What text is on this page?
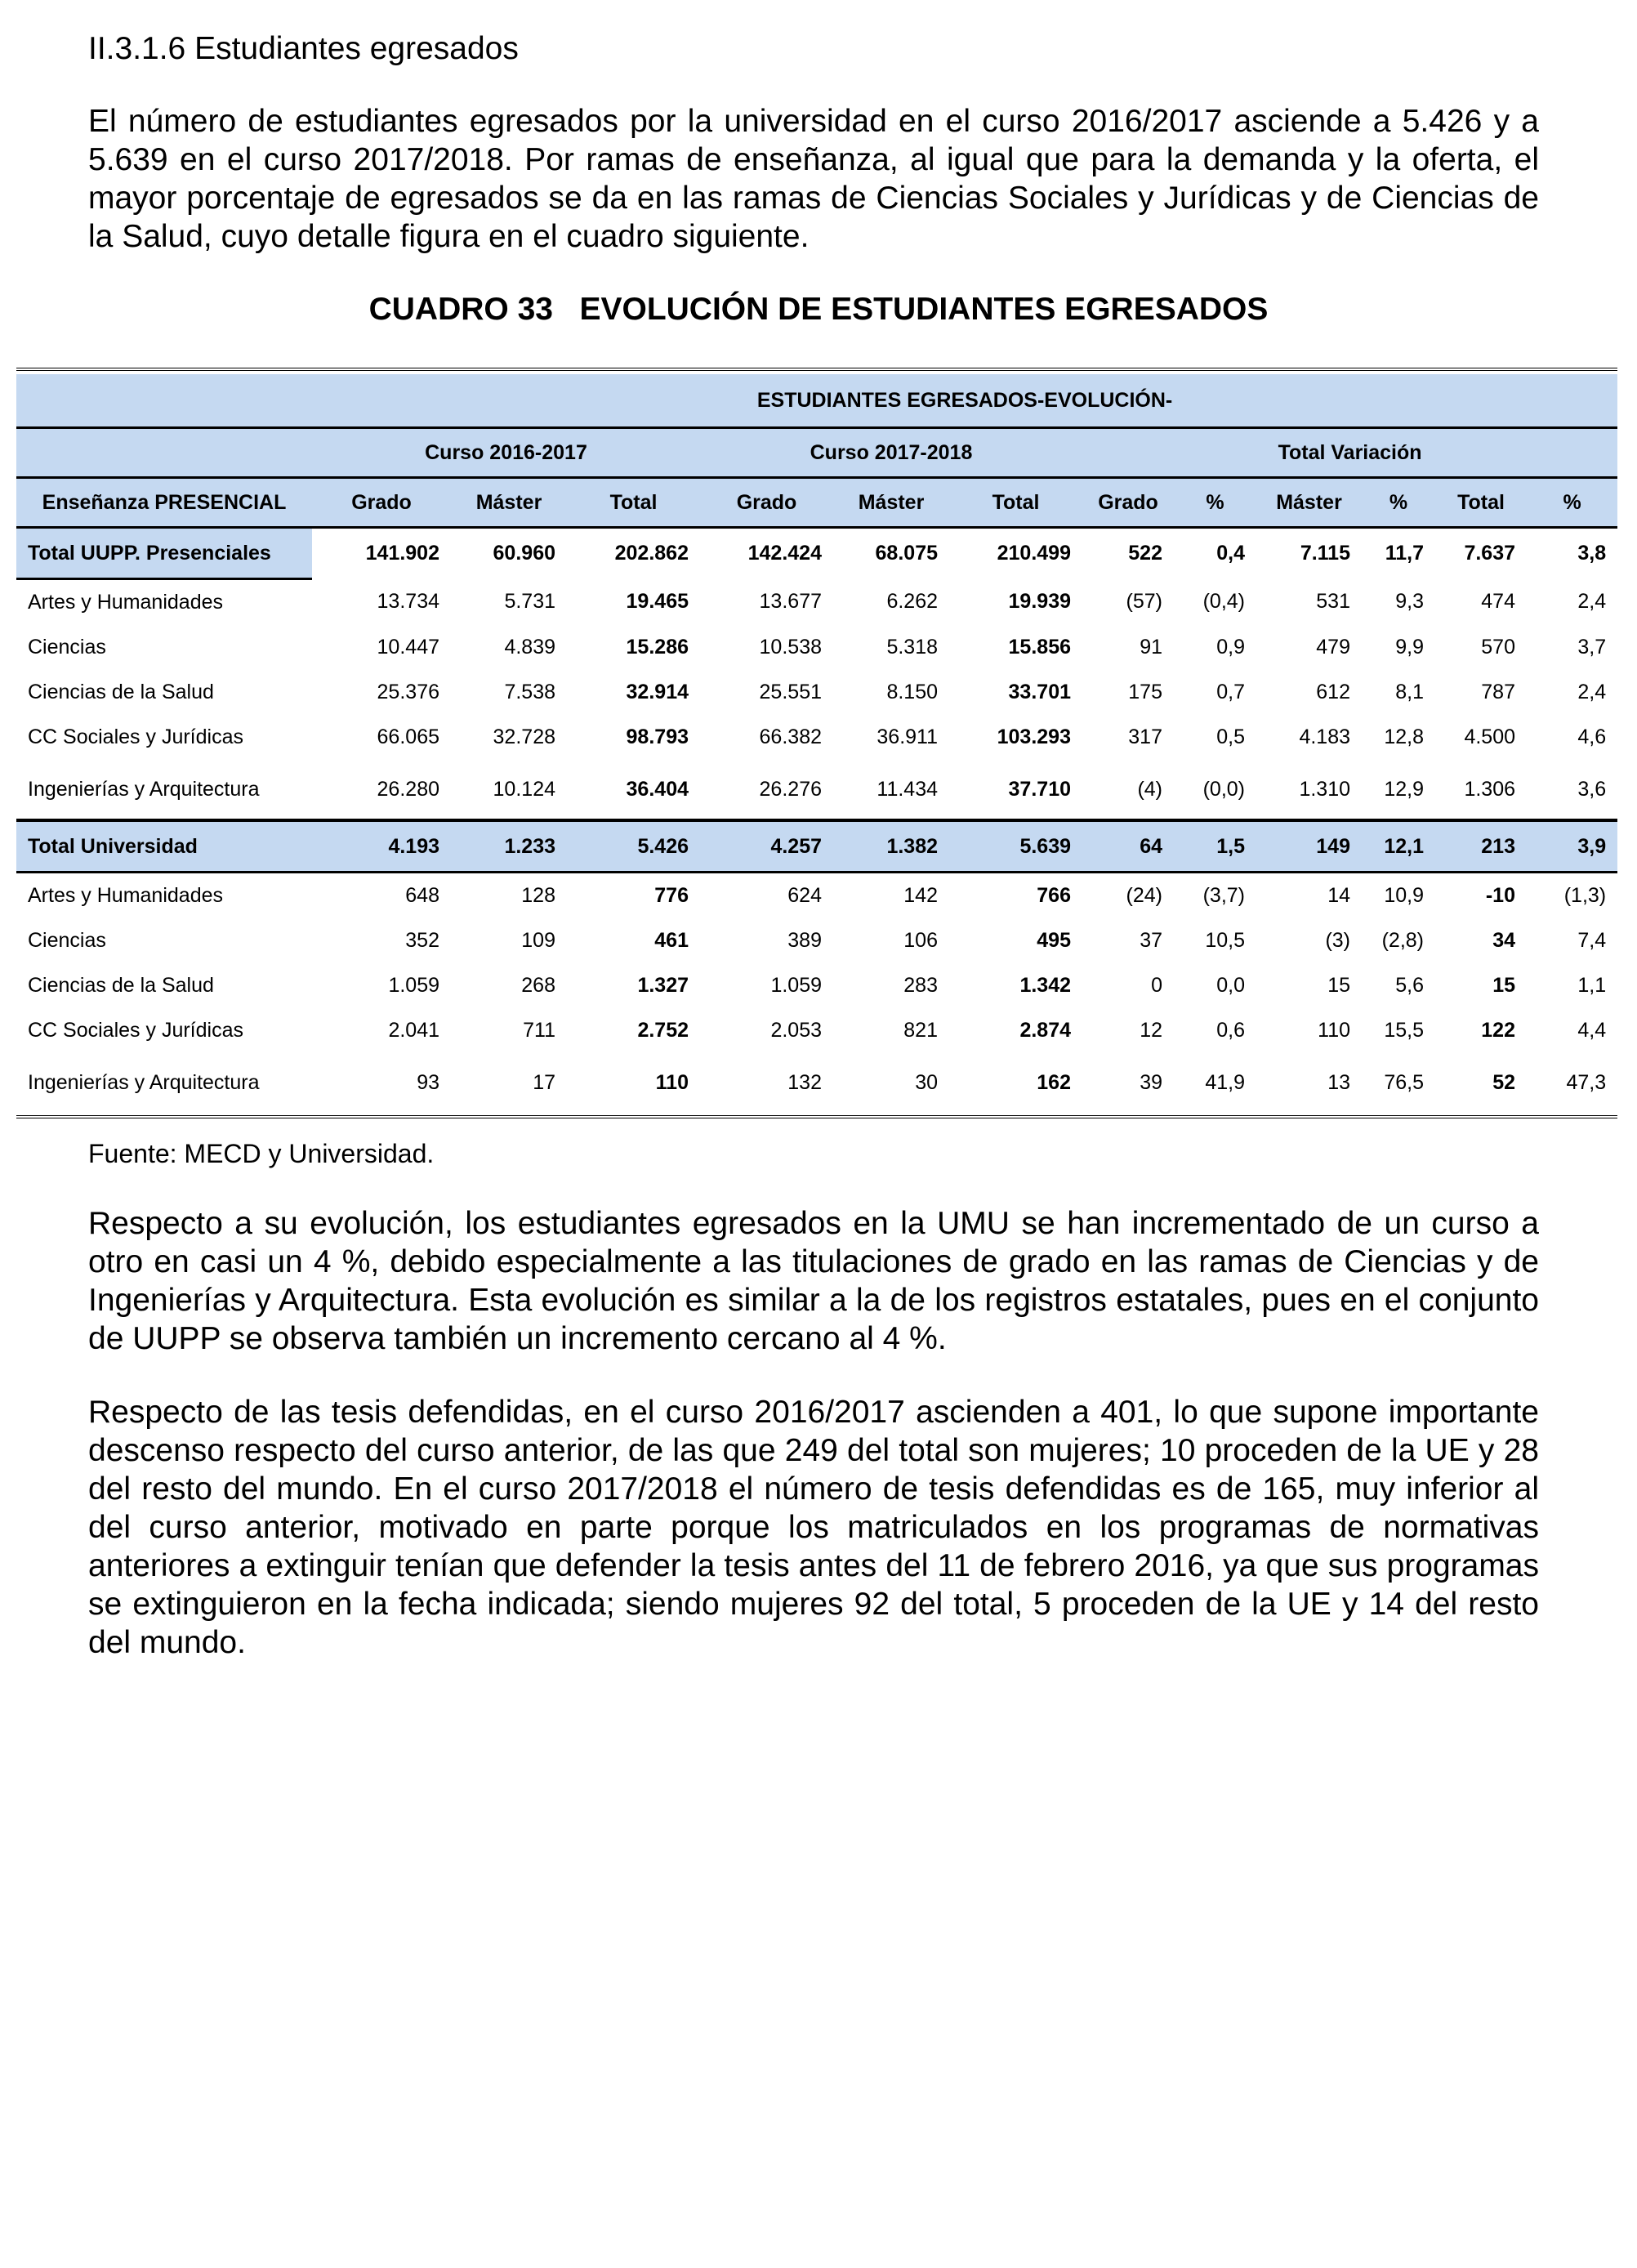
II.3.1.6 Estudiantes egresados
El número de estudiantes egresados por la universidad en el curso 2016/2017 asciende a 5.426 y a 5.639 en el curso 2017/2018. Por ramas de enseñanza, al igual que para la demanda y la oferta, el mayor porcentaje de egresados se da en las ramas de Ciencias Sociales y Jurídicas y de Ciencias de la Salud, cuyo detalle figura en el cuadro siguiente.
CUADRO 33   EVOLUCIÓN DE ESTUDIANTES EGRESADOS
	ESTUDIANTES EGRESADOS-EVOLUCIÓN-											
	Curso 2016-2017			Curso 2017-2018			Total Variación					
Enseñanza PRESENCIAL	Grado	Máster	Total	Grado	Máster	Total	Grado	%	Máster	%	Total	%
Total UUPP. Presenciales	141.902	60.960	202.862	142.424	68.075	210.499	522	0,4	7.115	11,7	7.637	3,8
Artes y Humanidades	13.734	5.731	19.465	13.677	6.262	19.939	(57)	(0,4)	531	9,3	474	2,4
Ciencias	10.447	4.839	15.286	10.538	5.318	15.856	91	0,9	479	9,9	570	3,7
Ciencias de la Salud	25.376	7.538	32.914	25.551	8.150	33.701	175	0,7	612	8,1	787	2,4
CC Sociales y Jurídicas	66.065	32.728	98.793	66.382	36.911	103.293	317	0,5	4.183	12,8	4.500	4,6
Ingenierías y Arquitectura	26.280	10.124	36.404	26.276	11.434	37.710	(4)	(0,0)	1.310	12,9	1.306	3,6
Total Universidad	4.193	1.233	5.426	4.257	1.382	5.639	64	1,5	149	12,1	213	3,9
Artes y Humanidades	648	128	776	624	142	766	(24)	(3,7)	14	10,9	-10	(1,3)
Ciencias	352	109	461	389	106	495	37	10,5	(3)	(2,8)	34	7,4
Ciencias de la Salud	1.059	268	1.327	1.059	283	1.342	0	0,0	15	5,6	15	1,1
CC Sociales y Jurídicas	2.041	711	2.752	2.053	821	2.874	12	0,6	110	15,5	122	4,4
Ingenierías y Arquitectura	93	17	110	132	30	162	39	41,9	13	76,5	52	47,3
Fuente: MECD y Universidad.
Respecto a su evolución, los estudiantes egresados en la UMU se han incrementado de un curso a otro en casi un 4 %, debido especialmente a las titulaciones de grado en las ramas de Ciencias y de Ingenierías y Arquitectura. Esta evolución es similar a la de los registros estatales, pues en el conjunto de UUPP se observa también un incremento cercano al 4 %.
Respecto de las tesis defendidas, en el curso 2016/2017 ascienden a 401, lo que supone importante descenso respecto del curso anterior, de las que 249 del total son mujeres; 10 proceden de la UE y 28 del resto del mundo. En el curso 2017/2018 el número de tesis defendidas es de 165, muy inferior al del curso anterior, motivado en parte porque los matriculados en los programas de normativas anteriores a extinguir tenían que defender la tesis antes del 11 de febrero 2016, ya que sus programas se extinguieron en la fecha indicada; siendo mujeres 92 del total, 5 proceden de la UE y 14 del resto del mundo.
